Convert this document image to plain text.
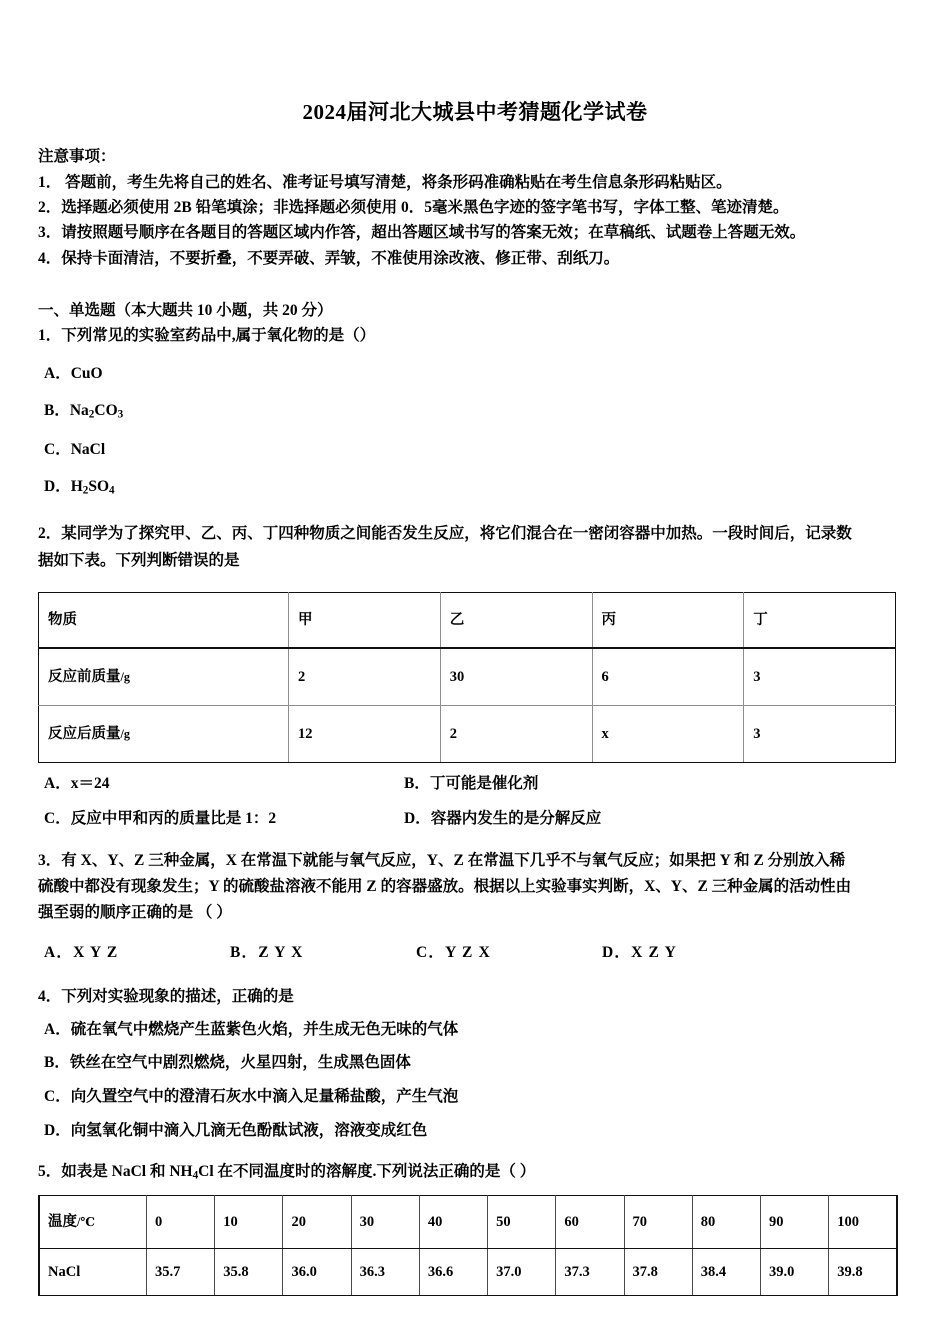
2024届河北大城县中考猜题化学试卷

注意事项：

1． 答题前，考生先将自己的姓名、准考证号填写清楚，将条形码准确粘贴在考生信息条形码粘贴区。

2．选择题必须使用 2B 铅笔填涂；非选择题必须使用 0．5毫米黑色字迹的签字笔书写，字体工整、笔迹清楚。

3．请按照题号顺序在各题目的答题区域内作答，超出答题区域书写的答案无效；在草稿纸、试题卷上答题无效。

4．保持卡面清洁，不要折叠，不要弄破、弄皱，不准使用涂改液、修正带、刮纸刀。

一、单选题（本大题共 10 小题，共 20 分）

1．下列常见的实验室药品中,属于氧化物的是（）

A．CuO

B．$Na_2CO_3$

C．NaCl

D．$H_2SO_4$

2．某同学为了探究甲、乙、丙、丁四种物质之间能否发生反应，将它们混合在一密闭容器中加热。一段时间后，记录数

据如下表。下列判断错误的是

物质	甲	乙	丙	丁
反应前质量/g	2	30	6	3
反应后质量/g	12	2	x	3
A．x＝24	B．丁可能是催化剂
C．反应中甲和丙的质量比是 1：2	D．容器内发生的是分解反应

3．有 X、Y、Z 三种金属，X 在常温下就能与氧气反应，Y、Z 在常温下几乎不与氧气反应；如果把 Y 和 Z 分别放入稀

硫酸中都没有现象发生；Y 的硫酸盐溶液不能用 Z 的容器盛放。根据以上实验事实判断，X、Y、Z 三种金属的活动性由

强至弱的顺序正确的是 （ ）

A．X Y Z	B．Z Y X	C．Y Z X	D．X Z Y

4．下列对实验现象的描述，正确的是

A．硫在氧气中燃烧产生蓝紫色火焰，并生成无色无味的气体

B．铁丝在空气中剧烈燃烧，火星四射，生成黑色固体

C．向久置空气中的澄清石灰水中滴入足量稀盐酸，产生气泡

D．向氢氧化铜中滴入几滴无色酚酞试液，溶液变成红色

5．如表是 NaCl 和 $NH_4Cl$ 在不同温度时的溶解度.下列说法正确的是（ ）

温度/℃	0	10	20	30	40	50	60	70	80	90	100
NaCl	35.7	35.8	36.0	36.3	36.6	37.0	37.3	37.8	38.4	39.0	39.8
